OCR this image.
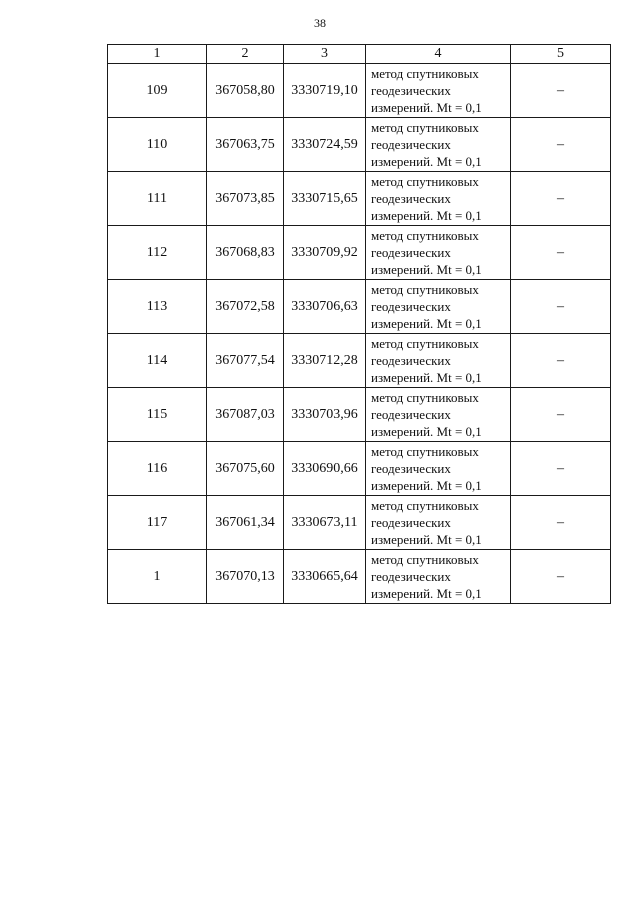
38
1	2	3	4	5
109	367058,80	3330719,10	метод спутниковых
геодезических
измерений. Mt = 0,1	–
110	367063,75	3330724,59	метод спутниковых
геодезических
измерений. Mt = 0,1	–
111	367073,85	3330715,65	метод спутниковых
геодезических
измерений. Mt = 0,1	–
112	367068,83	3330709,92	метод спутниковых
геодезических
измерений. Mt = 0,1	–
113	367072,58	3330706,63	метод спутниковых
геодезических
измерений. Mt = 0,1	–
114	367077,54	3330712,28	метод спутниковых
геодезических
измерений. Mt = 0,1	–
115	367087,03	3330703,96	метод спутниковых
геодезических
измерений. Mt = 0,1	–
116	367075,60	3330690,66	метод спутниковых
геодезических
измерений. Mt = 0,1	–
117	367061,34	3330673,11	метод спутниковых
геодезических
измерений. Mt = 0,1	–
1	367070,13	3330665,64	метод спутниковых
геодезических
измерений. Mt = 0,1	–
